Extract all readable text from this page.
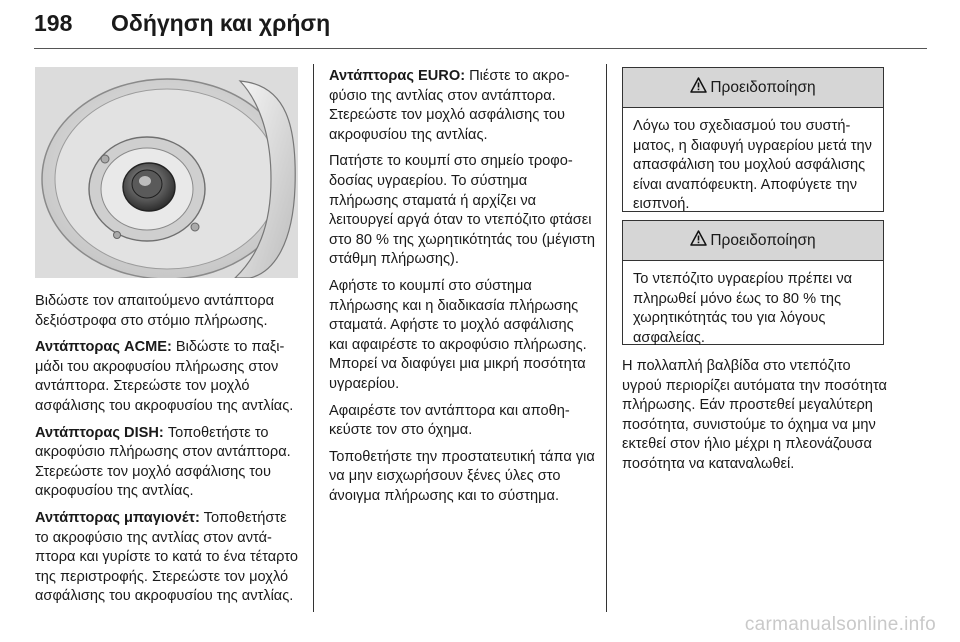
198 Οδήγηση και χρήση

Βιδώστε τον απαιτούμενο αντάπτορα δεξιόστροφα στο στόμιο πλήρωσης.

Αντάπτορας ACME: Βιδώστε το παξιμάδι του ακροφυσίου πλήρωσης στον αντάπτορα. Στερεώστε τον μοχλό ασφάλισης του ακροφυσίου της αντλίας.

Αντάπτορας DISH: Τοποθετήστε το ακροφύσιο πλήρωσης στον αντάπτορα. Στερεώστε τον μοχλό ασφάλισης του ακροφυσίου της αντλίας.

Αντάπτορας μπαγιονέτ: Τοποθετήστε το ακροφύσιο της αντλίας στον αντάπτορα και γυρίστε το κατά το ένα τέταρτο της περιστροφής. Στερεώστε τον μοχλό ασφάλισης του ακροφυσίου της αντλίας.

Αντάπτορας EURO: Πιέστε το ακροφύσιο της αντλίας στον αντάπτορα. Στερεώστε τον μοχλό ασφάλισης του ακροφυσίου της αντλίας.

Πατήστε το κουμπί στο σημείο τροφοδοσίας υγραερίου. Το σύστημα πλήρωσης σταματά ή αρχίζει να λειτουργεί αργά όταν το ντεπόζιτο φτάσει στο 80 % της χωρητικότητάς του (μέγιστη στάθμη πλήρωσης).

Αφήστε το κουμπί στο σύστημα πλήρωσης και η διαδικασία πλήρωσης σταματά. Αφήστε το μοχλό ασφάλισης και αφαιρέστε το ακροφύσιο πλήρωσης. Μπορεί να διαφύγει μια μικρή ποσότητα υγραερίου.

Αφαιρέστε τον αντάπτορα και αποθηκεύστε τον στο όχημα.

Τοποθετήστε την προστατευτική τάπα για να μην εισχωρήσουν ξένες ύλες στο άνοιγμα πλήρωσης και το σύστημα.

Προειδοποίηση
Λόγω του σχεδιασμού του συστήματος, η διαφυγή υγραερίου μετά την απασφάλιση του μοχλού ασφάλισης είναι αναπόφευκτη. Αποφύγετε την εισπνοή.
Προειδοποίηση
Το ντεπόζιτο υγραερίου πρέπει να πληρωθεί μόνο έως το 80 % της χωρητικότητάς του για λόγους ασφαλείας.

Η πολλαπλή βαλβίδα στο ντεπόζιτο υγρού περιορίζει αυτόματα την ποσότητα πλήρωσης. Εάν προστεθεί μεγαλύτερη ποσότητα, συνιστούμε το όχημα να μην εκτεθεί στον ήλιο μέχρι η πλεονάζουσα ποσότητα να καταναλωθεί.

carmanualsonline.info
